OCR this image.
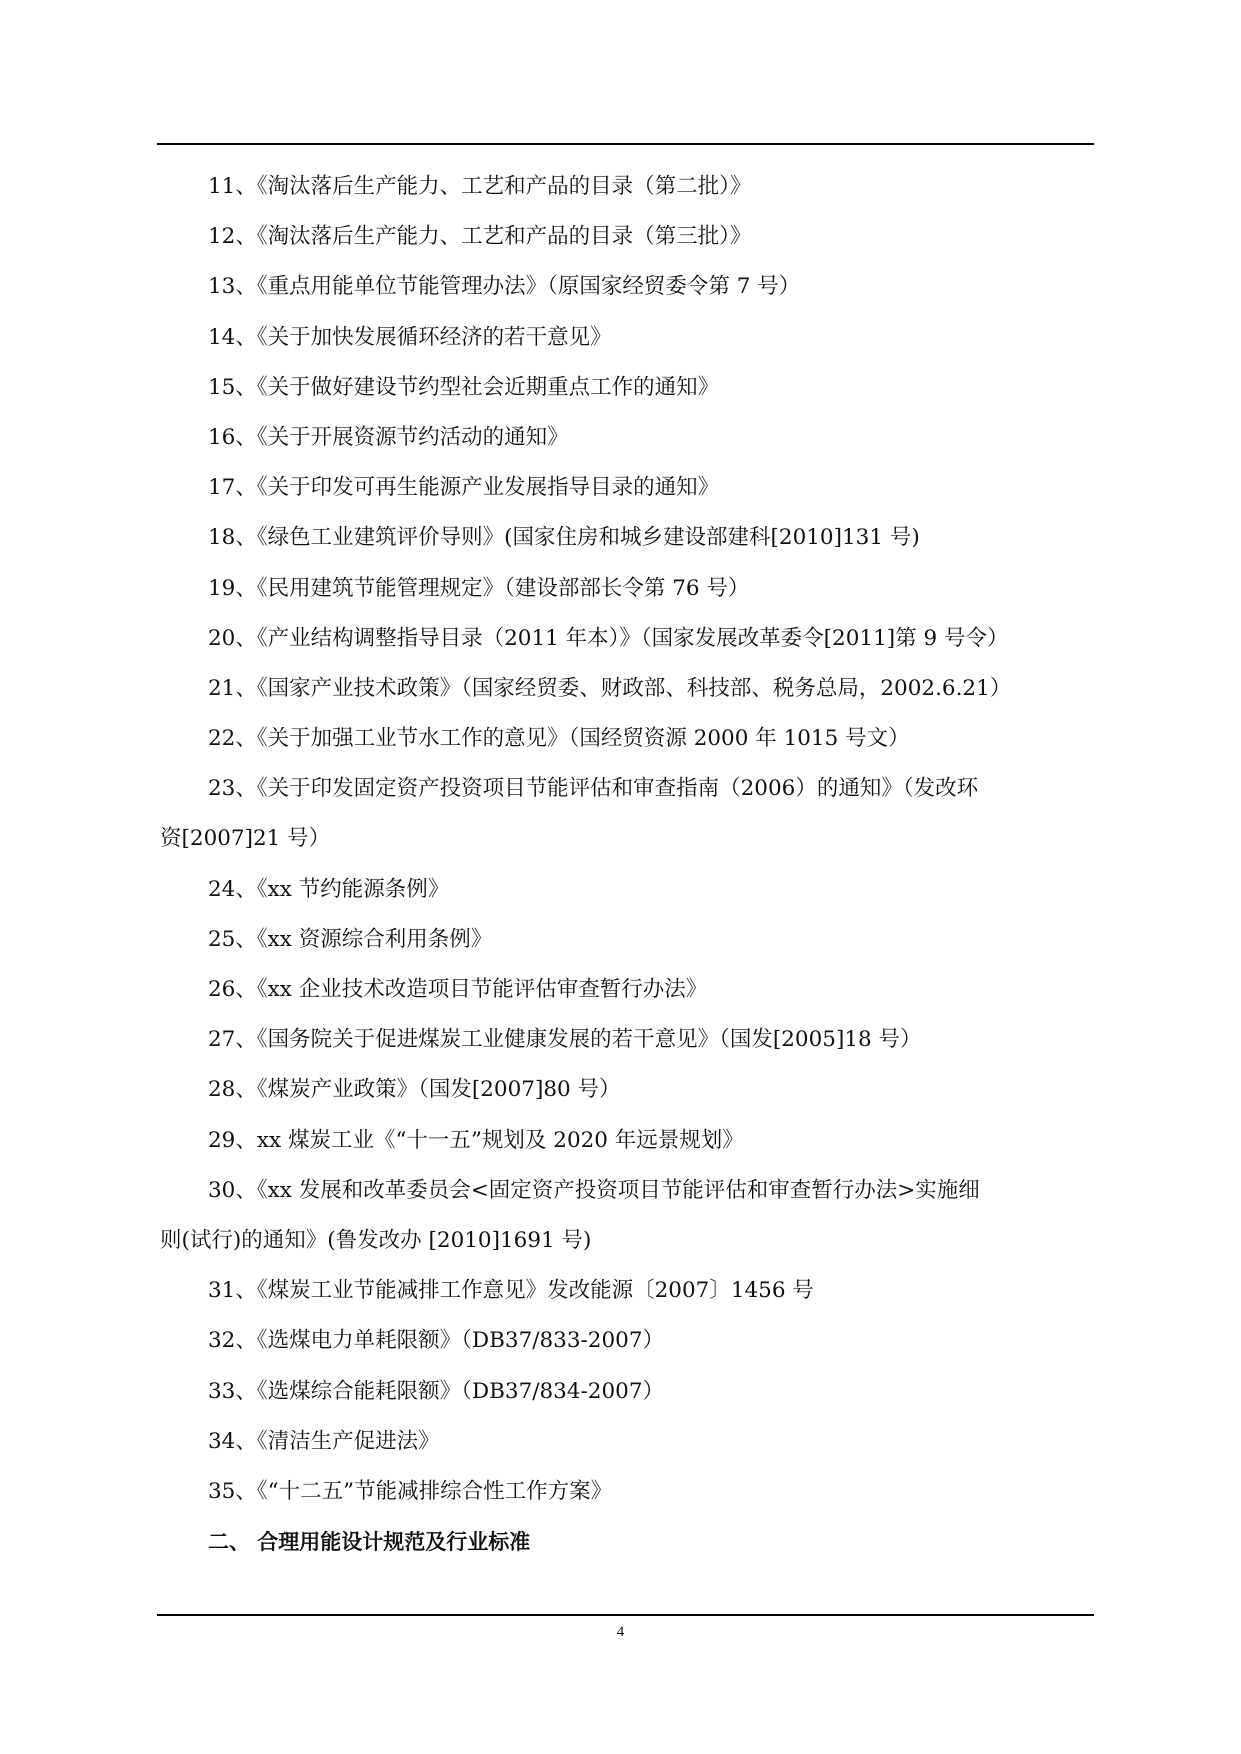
11、《淘汰落后生产能力、工艺和产品的目录（第二批）》
12、《淘汰落后生产能力、工艺和产品的目录（第三批）》
13、《重点用能单位节能管理办法》（原国家经贸委令第 7 号）
14、《关于加快发展循环经济的若干意见》
15、《关于做好建设节约型社会近期重点工作的通知》
16、《关于开展资源节约活动的通知》
17、《关于印发可再生能源产业发展指导目录的通知》
18、《绿色工业建筑评价导则》(国家住房和城乡建设部建科[2010]131 号)
19、《民用建筑节能管理规定》（建设部部长令第 76 号）
20、《产业结构调整指导目录（2011 年本）》（国家发展改革委令[2011]第 9 号令）
21、《国家产业技术政策》（国家经贸委、财政部、科技部、税务总局，2002.6.21）
22、《关于加强工业节水工作的意见》（国经贸资源 2000 年 1015 号文）
23、《关于印发固定资产投资项目节能评估和审查指南（2006）的通知》（发改环
资[2007]21 号）
24、《xx 节约能源条例》
25、《xx 资源综合利用条例》
26、《xx 企业技术改造项目节能评估审查暂行办法》
27、《国务院关于促进煤炭工业健康发展的若干意见》（国发[2005]18 号）
28、《煤炭产业政策》（国发[2007]80 号）
29、xx 煤炭工业《“十一五”规划及 2020 年远景规划》
30、《xx 发展和改革委员会<固定资产投资项目节能评估和审查暂行办法>实施细
则(试行)的通知》(鲁发改办 [2010]1691 号)
31、《煤炭工业节能减排工作意见》发改能源〔2007〕1456 号
32、《选煤电力单耗限额》（DB37/833-2007）
33、《选煤综合能耗限额》（DB37/834-2007）
34、《清洁生产促进法》
35、《“十二五”节能减排综合性工作方案》
二、 合理用能设计规范及行业标准
4
